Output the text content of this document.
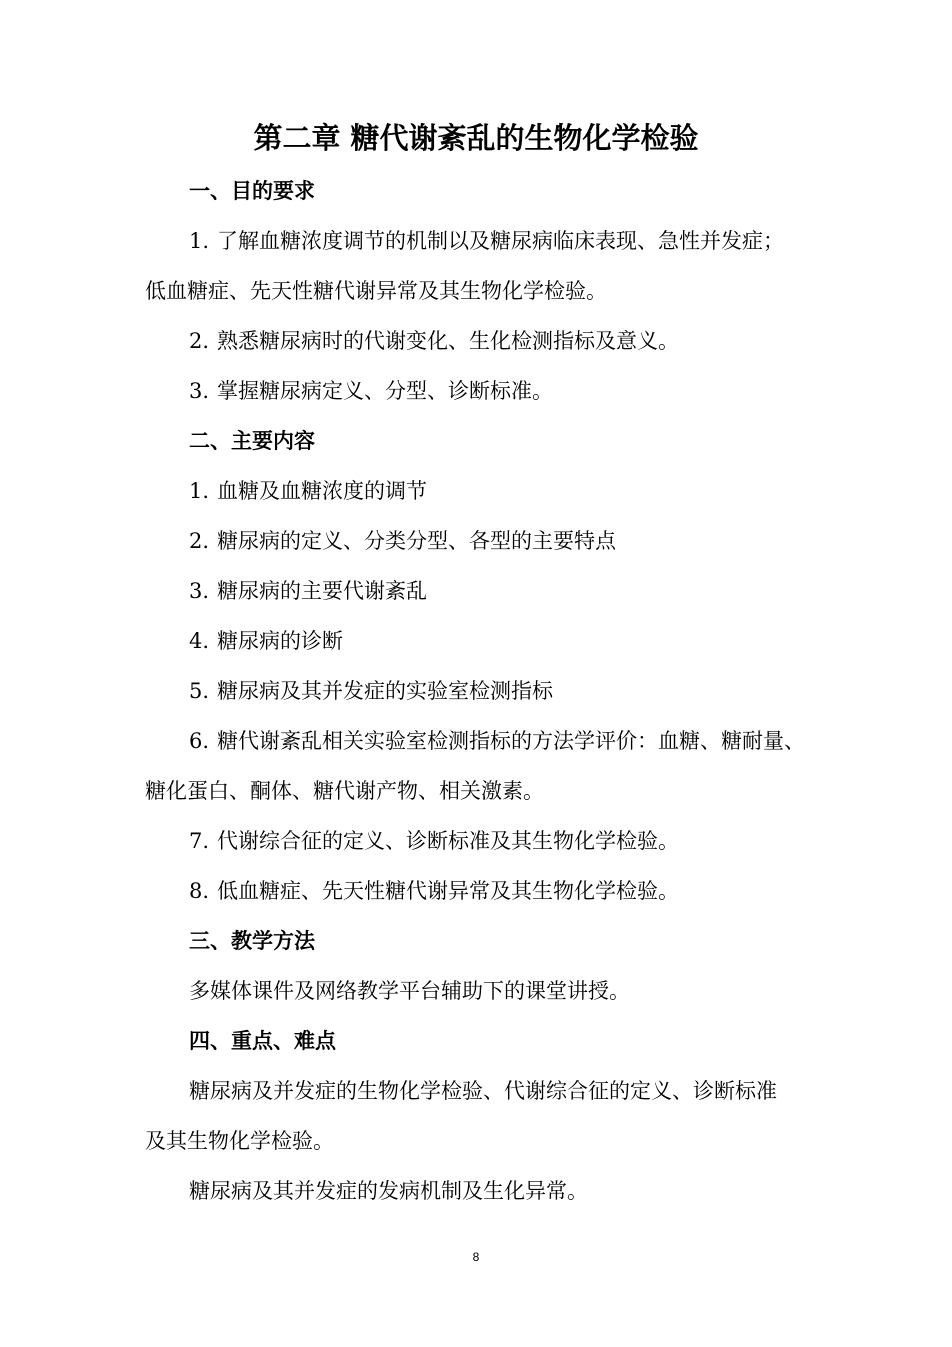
第二章 糖代谢紊乱的生物化学检验
一、目的要求
1. 了解血糖浓度调节的机制以及糖尿病临床表现、急性并发症；
低血糖症、先天性糖代谢异常及其生物化学检验。
2. 熟悉糖尿病时的代谢变化、生化检测指标及意义。
3. 掌握糖尿病定义、分型、诊断标准。
二、主要内容
1. 血糖及血糖浓度的调节
2. 糖尿病的定义、分类分型、各型的主要特点
3. 糖尿病的主要代谢紊乱
4. 糖尿病的诊断
5. 糖尿病及其并发症的实验室检测指标
6. 糖代谢紊乱相关实验室检测指标的方法学评价：血糖、糖耐量、
糖化蛋白、酮体、糖代谢产物、相关激素。
7. 代谢综合征的定义、诊断标准及其生物化学检验。
8. 低血糖症、先天性糖代谢异常及其生物化学检验。
三、教学方法
多媒体课件及网络教学平台辅助下的课堂讲授。
四、重点、难点
糖尿病及并发症的生物化学检验、代谢综合征的定义、诊断标准
及其生物化学检验。
糖尿病及其并发症的发病机制及生化异常。
8
